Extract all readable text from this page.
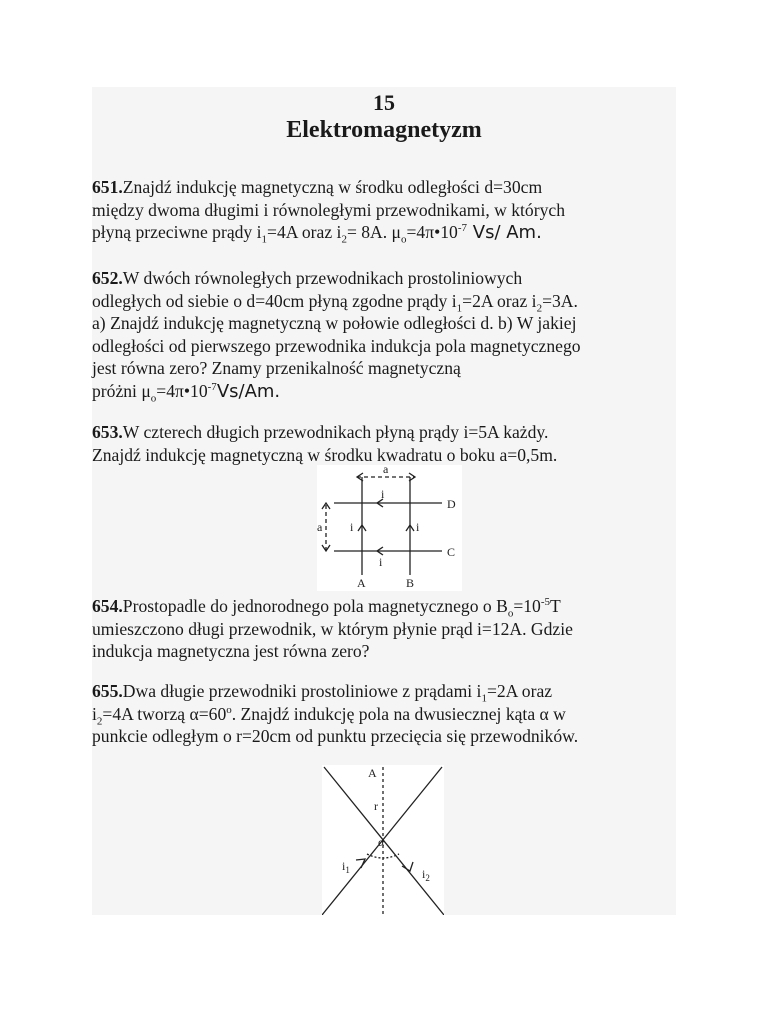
15
Elektromagnetyzm
651.Znajdź indukcję magnetyczną w środku odległości d=30cm
między dwoma długimi i równoległymi przewodnikami, w których
płyną przeciwne prądy $i_1=4A$ oraz $i_2= 8A$. $\mu_o=4\pi•10^{-7}$ Vs/ Am.
652.W dwóch równoległych przewodnikach prostoliniowych
odległych od siebie o d=40cm płyną zgodne prądy $i_1=2A$ oraz $i_2=3A$.
a) Znajdź indukcję magnetyczną w połowie odległości d. b) W jakiej
odległości od pierwszego przewodnika indukcja pola magnetycznego
jest równa zero? Znamy przenikalność magnetyczną
próżni $\mu_o=4\pi•10^{-7}Vs/Am$.
653.W czterech długich przewodnikach płyną prądy i=5A każdy.
Znajdź indukcję magnetyczną w środku kwadratu o boku a=0,5m.
a
a
i
i	i
i
A	B
C
D
654.Prostopadle do jednorodnego pola magnetycznego o $B_o=10^{-5}T$
umieszczono długi przewodnik, w którym płynie prąd i=12A. Gdzie
indukcja magnetyczna jest równa zero?
655.Dwa długie przewodniki prostoliniowe z prądami $i_1=2A$ oraz
$i_2=4A$ tworzą $\alpha=60^o$. Znajdź indukcję pola na dwusiecznej kąta α w
punkcie odległym o r=20cm od punktu przecięcia się przewodników.
A
r
α
$i_1$	$i_2$
